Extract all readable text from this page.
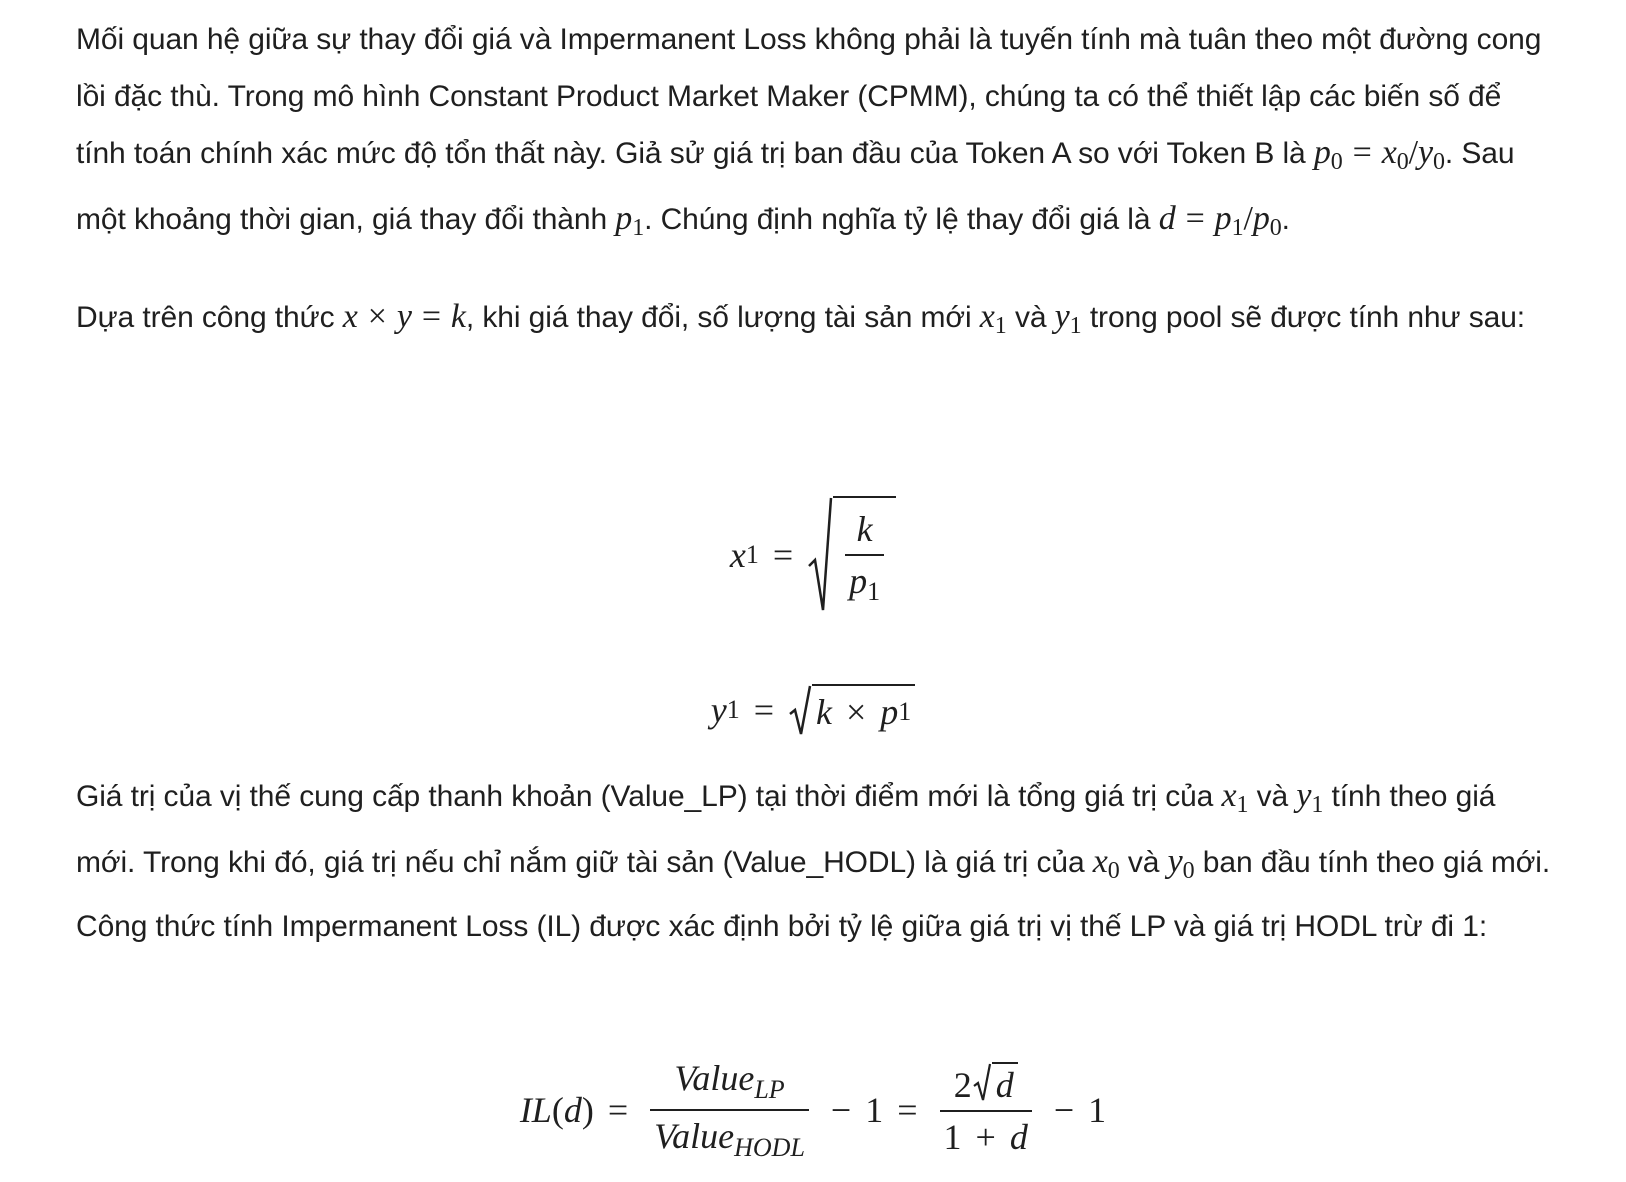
Mối quan hệ giữa sự thay đổi giá và Impermanent Loss không phải là tuyến tính mà tuân theo một đường cong lồi đặc thù. Trong mô hình Constant Product Market Maker (CPMM), chúng ta có thể thiết lập các biến số để tính toán chính xác mức độ tổn thất này. Giả sử giá trị ban đầu của Token A so với Token B là $p_0 = x_0/y_0$. Sau một khoảng thời gian, giá thay đổi thành $p_1$. Chúng định nghĩa tỷ lệ thay đổi giá là $d = p_1/p_0$.

Dựa trên công thức x × y = k, khi giá thay đổi, số lượng tài sản mới $x_1$ và $y_1$ trong pool sẽ được tính như sau:

x 1 =	$\frac{k}{p1}$
y 1 =	k × p 1

Giá trị của vị thế cung cấp thanh khoản (Value_LP) tại thời điểm mới là tổng giá trị của $x_1$ và $y_1$ tính theo giá mới. Trong khi đó, giá trị nếu chỉ nắm giữ tài sản (Value_HODL) là giá trị của $x_0$ và $y_0$ ban đầu tính theo giá mới. Công thức tính Impermanent Loss (IL) được xác định bởi tỷ lệ giữa giá trị vị thế LP và giá trị HODL trừ đi 1:

IL ( d ) = $\frac{Value_{LP}}{Value_{HODL}} - 1 = \frac{2 d}{1 + d} - 1$
